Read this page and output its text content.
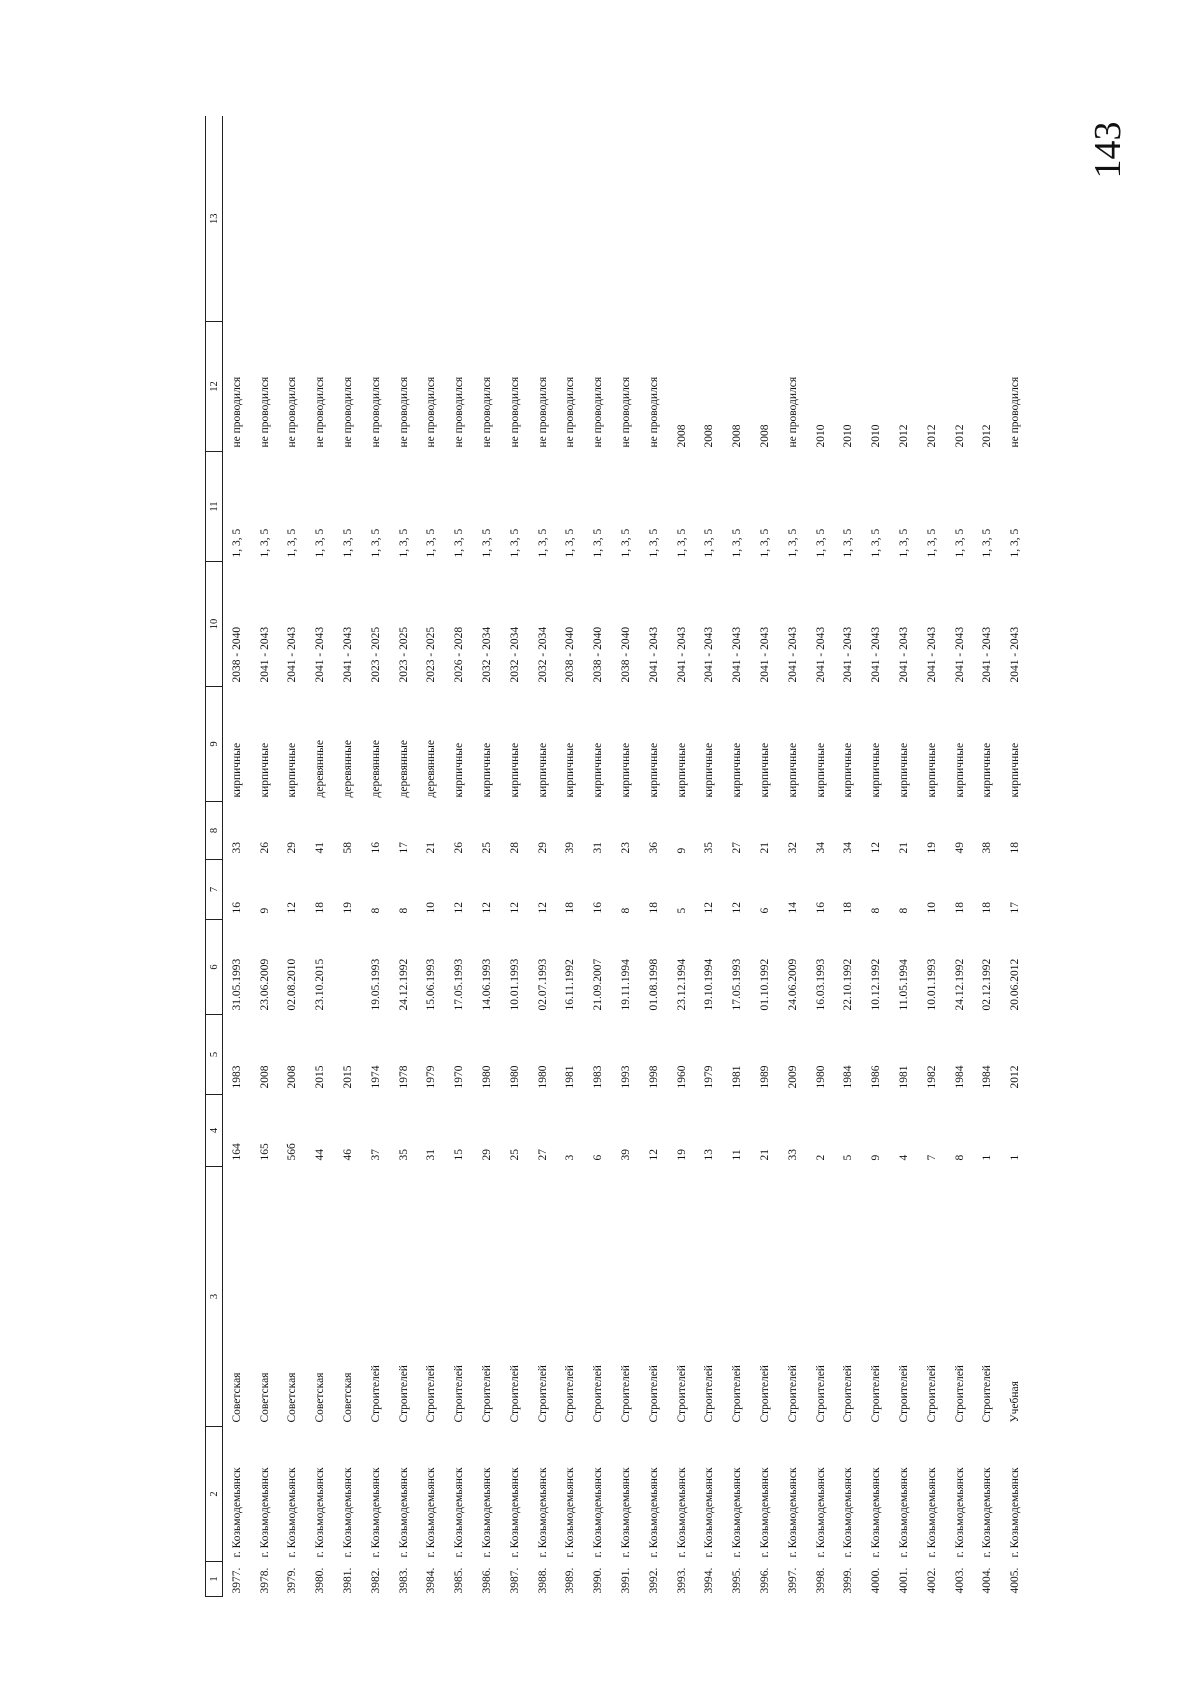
143
1	2	3	4	5	6	7	8	9	10	11	12	13
3977.	г. Козьмодемьянск	Советская	164	1983	31.05.1993	16	33	кирпичные	2038 - 2040	1, 3, 5	не проводился	
3978.	г. Козьмодемьянск	Советская	165	2008	23.06.2009	9	26	кирпичные	2041 - 2043	1, 3, 5	не проводился	
3979.	г. Козьмодемьянск	Советская	56б	2008	02.08.2010	12	29	кирпичные	2041 - 2043	1, 3, 5	не проводился	
3980.	г. Козьмодемьянск	Советская	44	2015	23.10.2015	18	41	деревянные	2041 - 2043	1, 3, 5	не проводился	
3981.	г. Козьмодемьянск	Советская	46	2015		19	58	деревянные	2041 - 2043	1, 3, 5	не проводился	
3982.	г. Козьмодемьянск	Строителей	37	1974	19.05.1993	8	16	деревянные	2023 - 2025	1, 3, 5	не проводился	
3983.	г. Козьмодемьянск	Строителей	35	1978	24.12.1992	8	17	деревянные	2023 - 2025	1, 3, 5	не проводился	
3984.	г. Козьмодемьянск	Строителей	31	1979	15.06.1993	10	21	деревянные	2023 - 2025	1, 3, 5	не проводился	
3985.	г. Козьмодемьянск	Строителей	15	1970	17.05.1993	12	26	кирпичные	2026 - 2028	1, 3, 5	не проводился	
3986.	г. Козьмодемьянск	Строителей	29	1980	14.06.1993	12	25	кирпичные	2032 - 2034	1, 3, 5	не проводился	
3987.	г. Козьмодемьянск	Строителей	25	1980	10.01.1993	12	28	кирпичные	2032 - 2034	1, 3, 5	не проводился	
3988.	г. Козьмодемьянск	Строителей	27	1980	02.07.1993	12	29	кирпичные	2032 - 2034	1, 3, 5	не проводился	
3989.	г. Козьмодемьянск	Строителей	3	1981	16.11.1992	18	39	кирпичные	2038 - 2040	1, 3, 5	не проводился	
3990.	г. Козьмодемьянск	Строителей	6	1983	21.09.2007	16	31	кирпичные	2038 - 2040	1, 3, 5	не проводился	
3991.	г. Козьмодемьянск	Строителей	39	1993	19.11.1994	8	23	кирпичные	2038 - 2040	1, 3, 5	не проводился	
3992.	г. Козьмодемьянск	Строителей	12	1998	01.08.1998	18	36	кирпичные	2041 - 2043	1, 3, 5	не проводился	
3993.	г. Козьмодемьянск	Строителей	19	1960	23.12.1994	5	9	кирпичные	2041 - 2043	1, 3, 5	2008	
3994.	г. Козьмодемьянск	Строителей	13	1979	19.10.1994	12	35	кирпичные	2041 - 2043	1, 3, 5	2008	
3995.	г. Козьмодемьянск	Строителей	11	1981	17.05.1993	12	27	кирпичные	2041 - 2043	1, 3, 5	2008	
3996.	г. Козьмодемьянск	Строителей	21	1989	01.10.1992	6	21	кирпичные	2041 - 2043	1, 3, 5	2008	
3997.	г. Козьмодемьянск	Строителей	33	2009	24.06.2009	14	32	кирпичные	2041 - 2043	1, 3, 5	не проводился	
3998.	г. Козьмодемьянск	Строителей	2	1980	16.03.1993	16	34	кирпичные	2041 - 2043	1, 3, 5	2010	
3999.	г. Козьмодемьянск	Строителей	5	1984	22.10.1992	18	34	кирпичные	2041 - 2043	1, 3, 5	2010	
4000.	г. Козьмодемьянск	Строителей	9	1986	10.12.1992	8	12	кирпичные	2041 - 2043	1, 3, 5	2010	
4001.	г. Козьмодемьянск	Строителей	4	1981	11.05.1994	8	21	кирпичные	2041 - 2043	1, 3, 5	2012	
4002.	г. Козьмодемьянск	Строителей	7	1982	10.01.1993	10	19	кирпичные	2041 - 2043	1, 3, 5	2012	
4003.	г. Козьмодемьянск	Строителей	8	1984	24.12.1992	18	49	кирпичные	2041 - 2043	1, 3, 5	2012	
4004.	г. Козьмодемьянск	Строителей	1	1984	02.12.1992	18	38	кирпичные	2041 - 2043	1, 3, 5	2012	
4005.	г. Козьмодемьянск	Учебная	1	2012	20.06.2012	17	18	кирпичные	2041 - 2043	1, 3, 5	не проводился	
